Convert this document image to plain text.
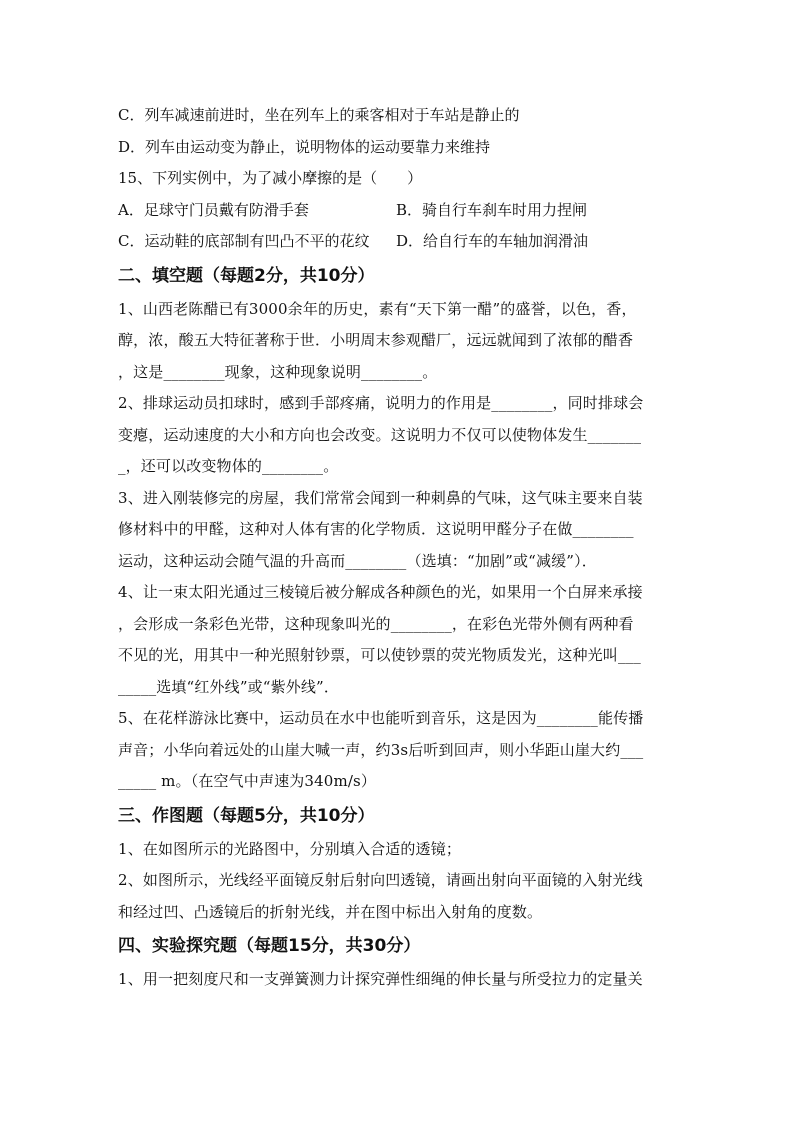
C．列车减速前进时，坐在列车上的乘客相对于车站是静止的
D．列车由运动变为静止，说明物体的运动要靠力来维持
15、下列实例中，为了减小摩擦的是（　　）
A．足球守门员戴有防滑手套	B．骑自行车刹车时用力捏闸
C．运动鞋的底部制有凹凸不平的花纹	D．给自行车的车轴加润滑油
二、填空题（每题2分，共10分）
1、山西老陈醋已有3000余年的历史，素有“天下第一醋”的盛誉，以色，香，
醇，浓，酸五大特征著称于世．小明周末参观醋厂，远远就闻到了浓郁的醋香
，这是________现象，这种现象说明________。
2、排球运动员扣球时，感到手部疼痛，说明力的作用是________，同时排球会
变瘪，运动速度的大小和方向也会改变。这说明力不仅可以使物体发生_______
_，还可以改变物体的________。
3、进入刚装修完的房屋，我们常常会闻到一种刺鼻的气味，这气味主要来自装
修材料中的甲醛，这种对人体有害的化学物质．这说明甲醛分子在做________
运动，这种运动会随气温的升高而________（选填：“加剧”或“减缓”）．
4、让一束太阳光通过三棱镜后被分解成各种颜色的光，如果用一个白屏来承接
，会形成一条彩色光带，这种现象叫光的________，在彩色光带外侧有两种看
不见的光，用其中一种光照射钞票，可以使钞票的荧光物质发光，这种光叫___
_____选填“红外线”或“紫外线”．
5、在花样游泳比赛中，运动员在水中也能听到音乐，这是因为________能传播
声音；小华向着远处的山崖大喊一声，约3s后听到回声，则小华距山崖大约___
_____ m。（在空气中声速为340m/s）
三、作图题（每题5分，共10分）
1、在如图所示的光路图中，分别填入合适的透镜；
2、如图所示，光线经平面镜反射后射向凹透镜，请画出射向平面镜的入射光线
和经过凹、凸透镜后的折射光线，并在图中标出入射角的度数。
四、实验探究题（每题15分，共30分）
1、用一把刻度尺和一支弹簧测力计探究弹性细绳的伸长量与所受拉力的定量关
